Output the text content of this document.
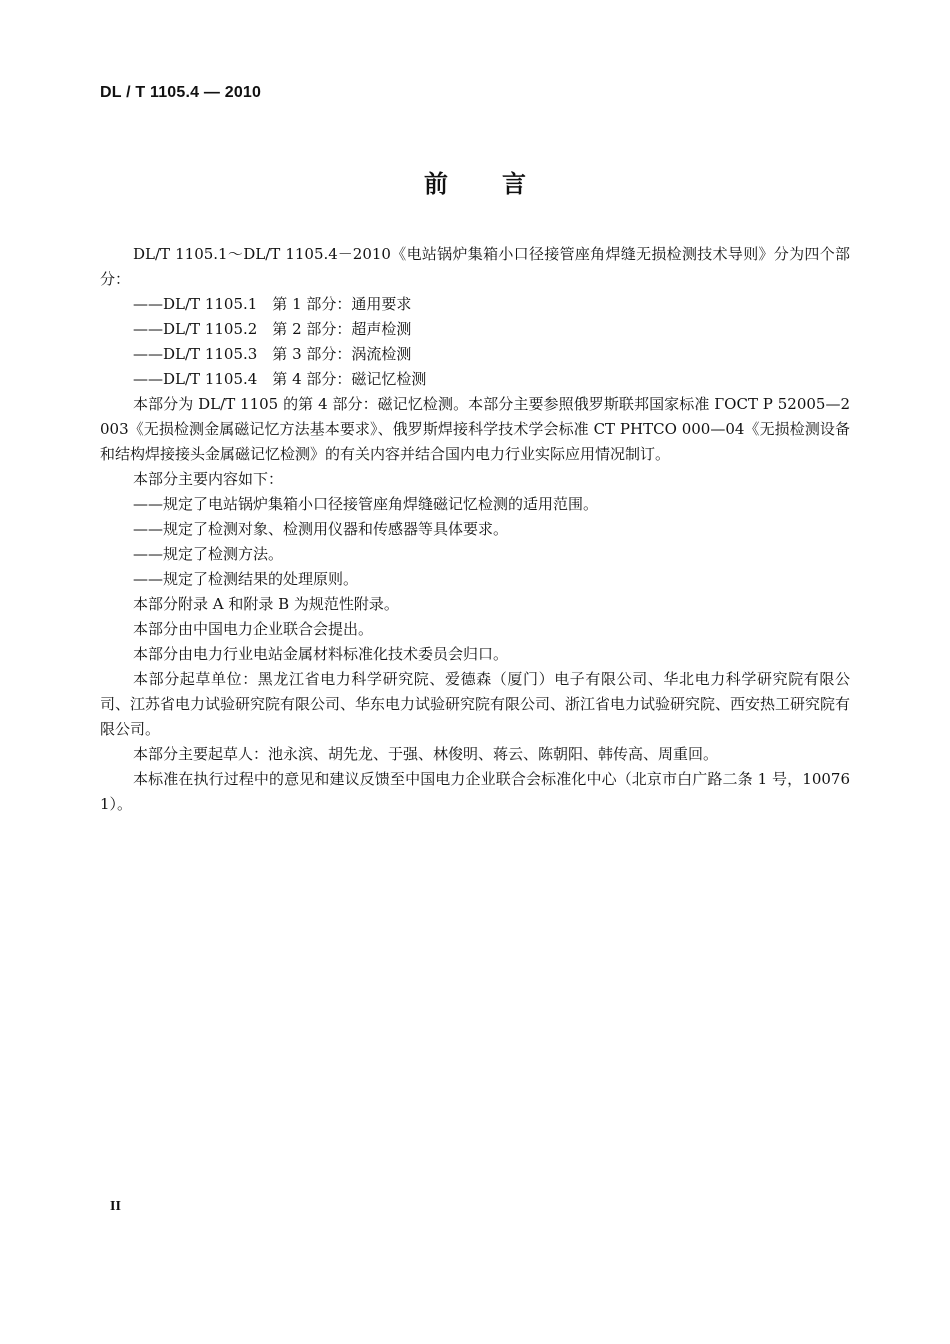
DL / T 1105.4 — 2010
前言

DL/T 1105.1～DL/T 1105.4－2010《电站锅炉集箱小口径接管座角焊缝无损检测技术导则》分为四个部分：

——DL/T 1105.1　第 1 部分：通用要求

——DL/T 1105.2　第 2 部分：超声检测

——DL/T 1105.3　第 3 部分：涡流检测

——DL/T 1105.4　第 4 部分：磁记忆检测

本部分为 DL/T 1105 的第 4 部分：磁记忆检测。本部分主要参照俄罗斯联邦国家标准 ГОСТ Р 52005—2003《无损检测金属磁记忆方法基本要求》、俄罗斯焊接科学技术学会标准 СТ РНТСО 000—04《无损检测设备和结构焊接接头金属磁记忆检测》的有关内容并结合国内电力行业实际应用情况制订。

本部分主要内容如下：

——规定了电站锅炉集箱小口径接管座角焊缝磁记忆检测的适用范围。

——规定了检测对象、检测用仪器和传感器等具体要求。

——规定了检测方法。

——规定了检测结果的处理原则。

本部分附录 A 和附录 B 为规范性附录。

本部分由中国电力企业联合会提出。

本部分由电力行业电站金属材料标准化技术委员会归口。

本部分起草单位：黑龙江省电力科学研究院、爱德森（厦门）电子有限公司、华北电力科学研究院有限公司、江苏省电力试验研究院有限公司、华东电力试验研究院有限公司、浙江省电力试验研究院、西安热工研究院有限公司。

本部分主要起草人：池永滨、胡先龙、于强、林俊明、蒋云、陈朝阳、韩传高、周重回。

本标准在执行过程中的意见和建议反馈至中国电力企业联合会标准化中心（北京市白广路二条 1 号，100761）。

II
